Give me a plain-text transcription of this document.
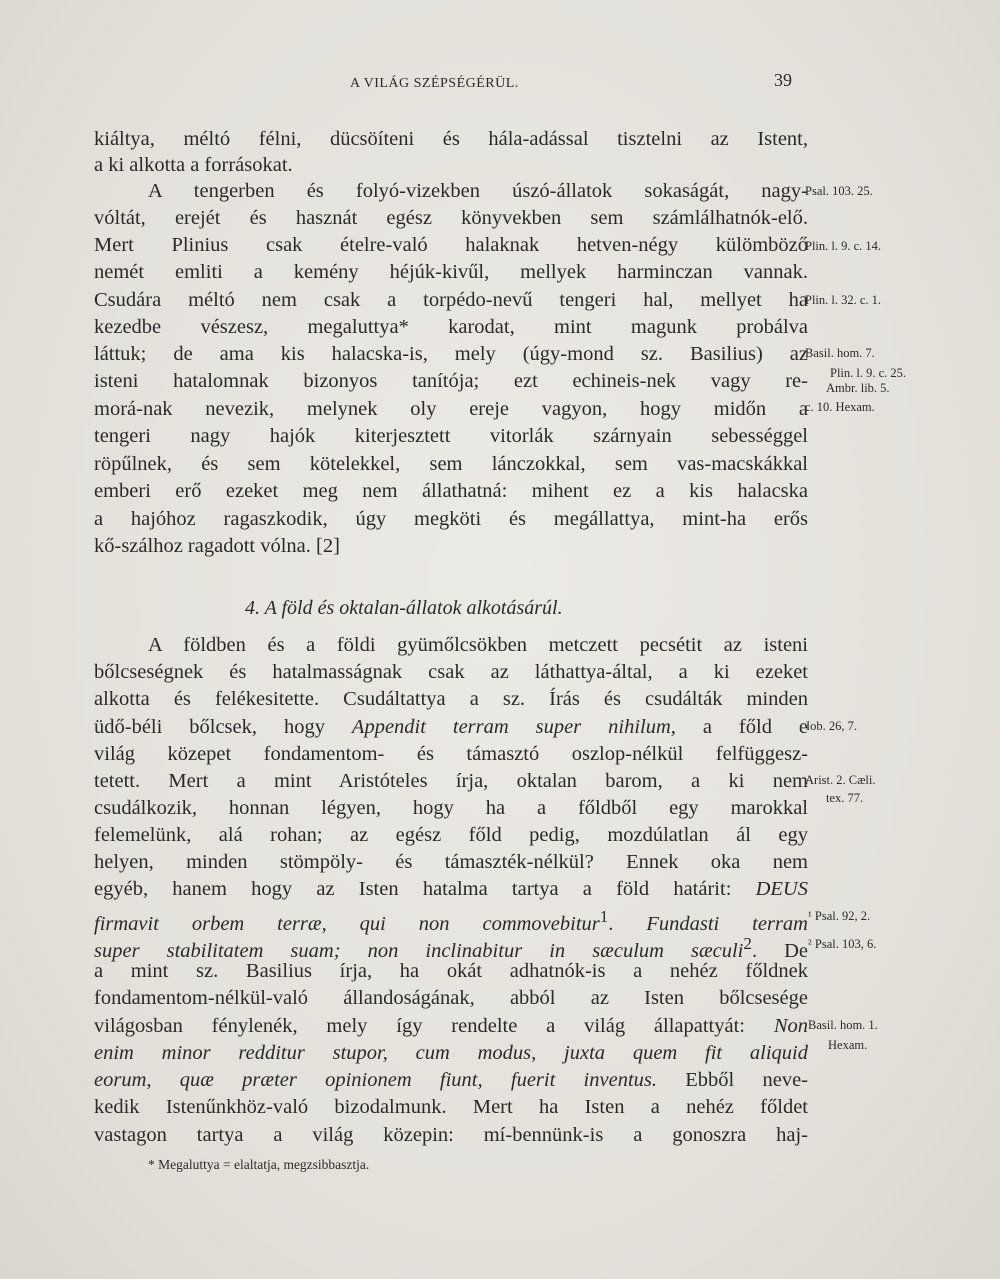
A VILÁG SZÉPSÉGÉRÜL.	39
kiáltya, méltó félni, dücsöíteni és hála-adással tisztelni az Istent,
a ki alkotta a forrásokat.
A tengerben és folyó-vizekben úszó-állatok sokaságát, nagy-
vóltát, erejét és hasznát egész könyvekben sem számlálhatnók-elő.
Mert Plinius csak ételre-való halaknak hetven-négy külömböző
nemét emliti a kemény héjúk-kivűl, mellyek harminczan vannak.
Csudára méltó nem csak a torpédo-nevű tengeri hal, mellyet ha
kezedbe vészesz, megaluttya* karodat, mint magunk probálva
láttuk; de ama kis halacska-is, mely (úgy-mond sz. Basilius) az
isteni hatalomnak bizonyos tanítója; ezt echineis-nek vagy re-
morá-nak nevezik, melynek oly ereje vagyon, hogy midőn a
tengeri nagy hajók kiterjesztett vitorlák szárnyain sebességgel
röpűlnek, és sem kötelekkel, sem lánczokkal, sem vas-macskákkal
emberi erő ezeket meg nem állathatná: mihent ez a kis halacska
a hajóhoz ragaszkodik, úgy megköti és megállattya, mint-ha erős
kő-szálhoz ragadott vólna. [2]
4. A föld és oktalan-állatok alkotásárúl.
A földben és a földi gyümőlcsökben metczett pecsétit az isteni
bőlcseségnek és hatalmasságnak csak az láthattya-által, a ki ezeket
alkotta és felékesitette. Csudáltattya a sz. Írás és csudálták minden
üdő-béli bőlcsek, hogy Appendit terram super nihilum, a főld e
világ közepet fondamentom- és támasztó oszlop-nélkül felfüggesz-
tetett. Mert a mint Aristóteles írja, oktalan barom, a ki nem
csudálkozik, honnan légyen, hogy ha a főldből egy marokkal
felemelünk, alá rohan; az egész főld pedig, mozdúlatlan ál egy
helyen, minden stömpöly- és támaszték-nélkül? Ennek oka nem
egyéb, hanem hogy az Isten hatalma tartya a föld határit: DEUS
firmavit orbem terræ, qui non commovebitur$^1$. Fundasti terram
super stabilitatem suam; non inclinabitur in sæculum sæculi$^2$. De
a mint sz. Basilius írja, ha okát adhatnók-is a nehéz főldnek
fondamentom-nélkül-való állandoságának, abból az Isten bőlcsesége
világosban fénylenék, mely így rendelte a világ állapattyát: Non
enim minor redditur stupor, cum modus, juxta quem fit aliquid
eorum, quæ præter opinionem fiunt, fuerit inventus. Ebből neve-
kedik Istenűnkhöz-való bizodalmunk. Mert ha Isten a nehéz főldet
vastagon tartya a világ közepin: mí-bennünk-is a gonoszra haj-
Psal. 103. 25.
Plin. l. 9. c. 14.
Plin. l. 32. c. 1.
Basil. hom. 7.
Plin. l. 9. c. 25.
Ambr. lib. 5.
c. 10. Hexam.
Iob. 26, 7.
Arist. 2. Cæli.
tex. 77.
¹ Psal. 92, 2.
² Psal. 103, 6.
Basil. hom. 1.
Hexam.
* Megaluttya = elaltatja, megzsibbasztja.
